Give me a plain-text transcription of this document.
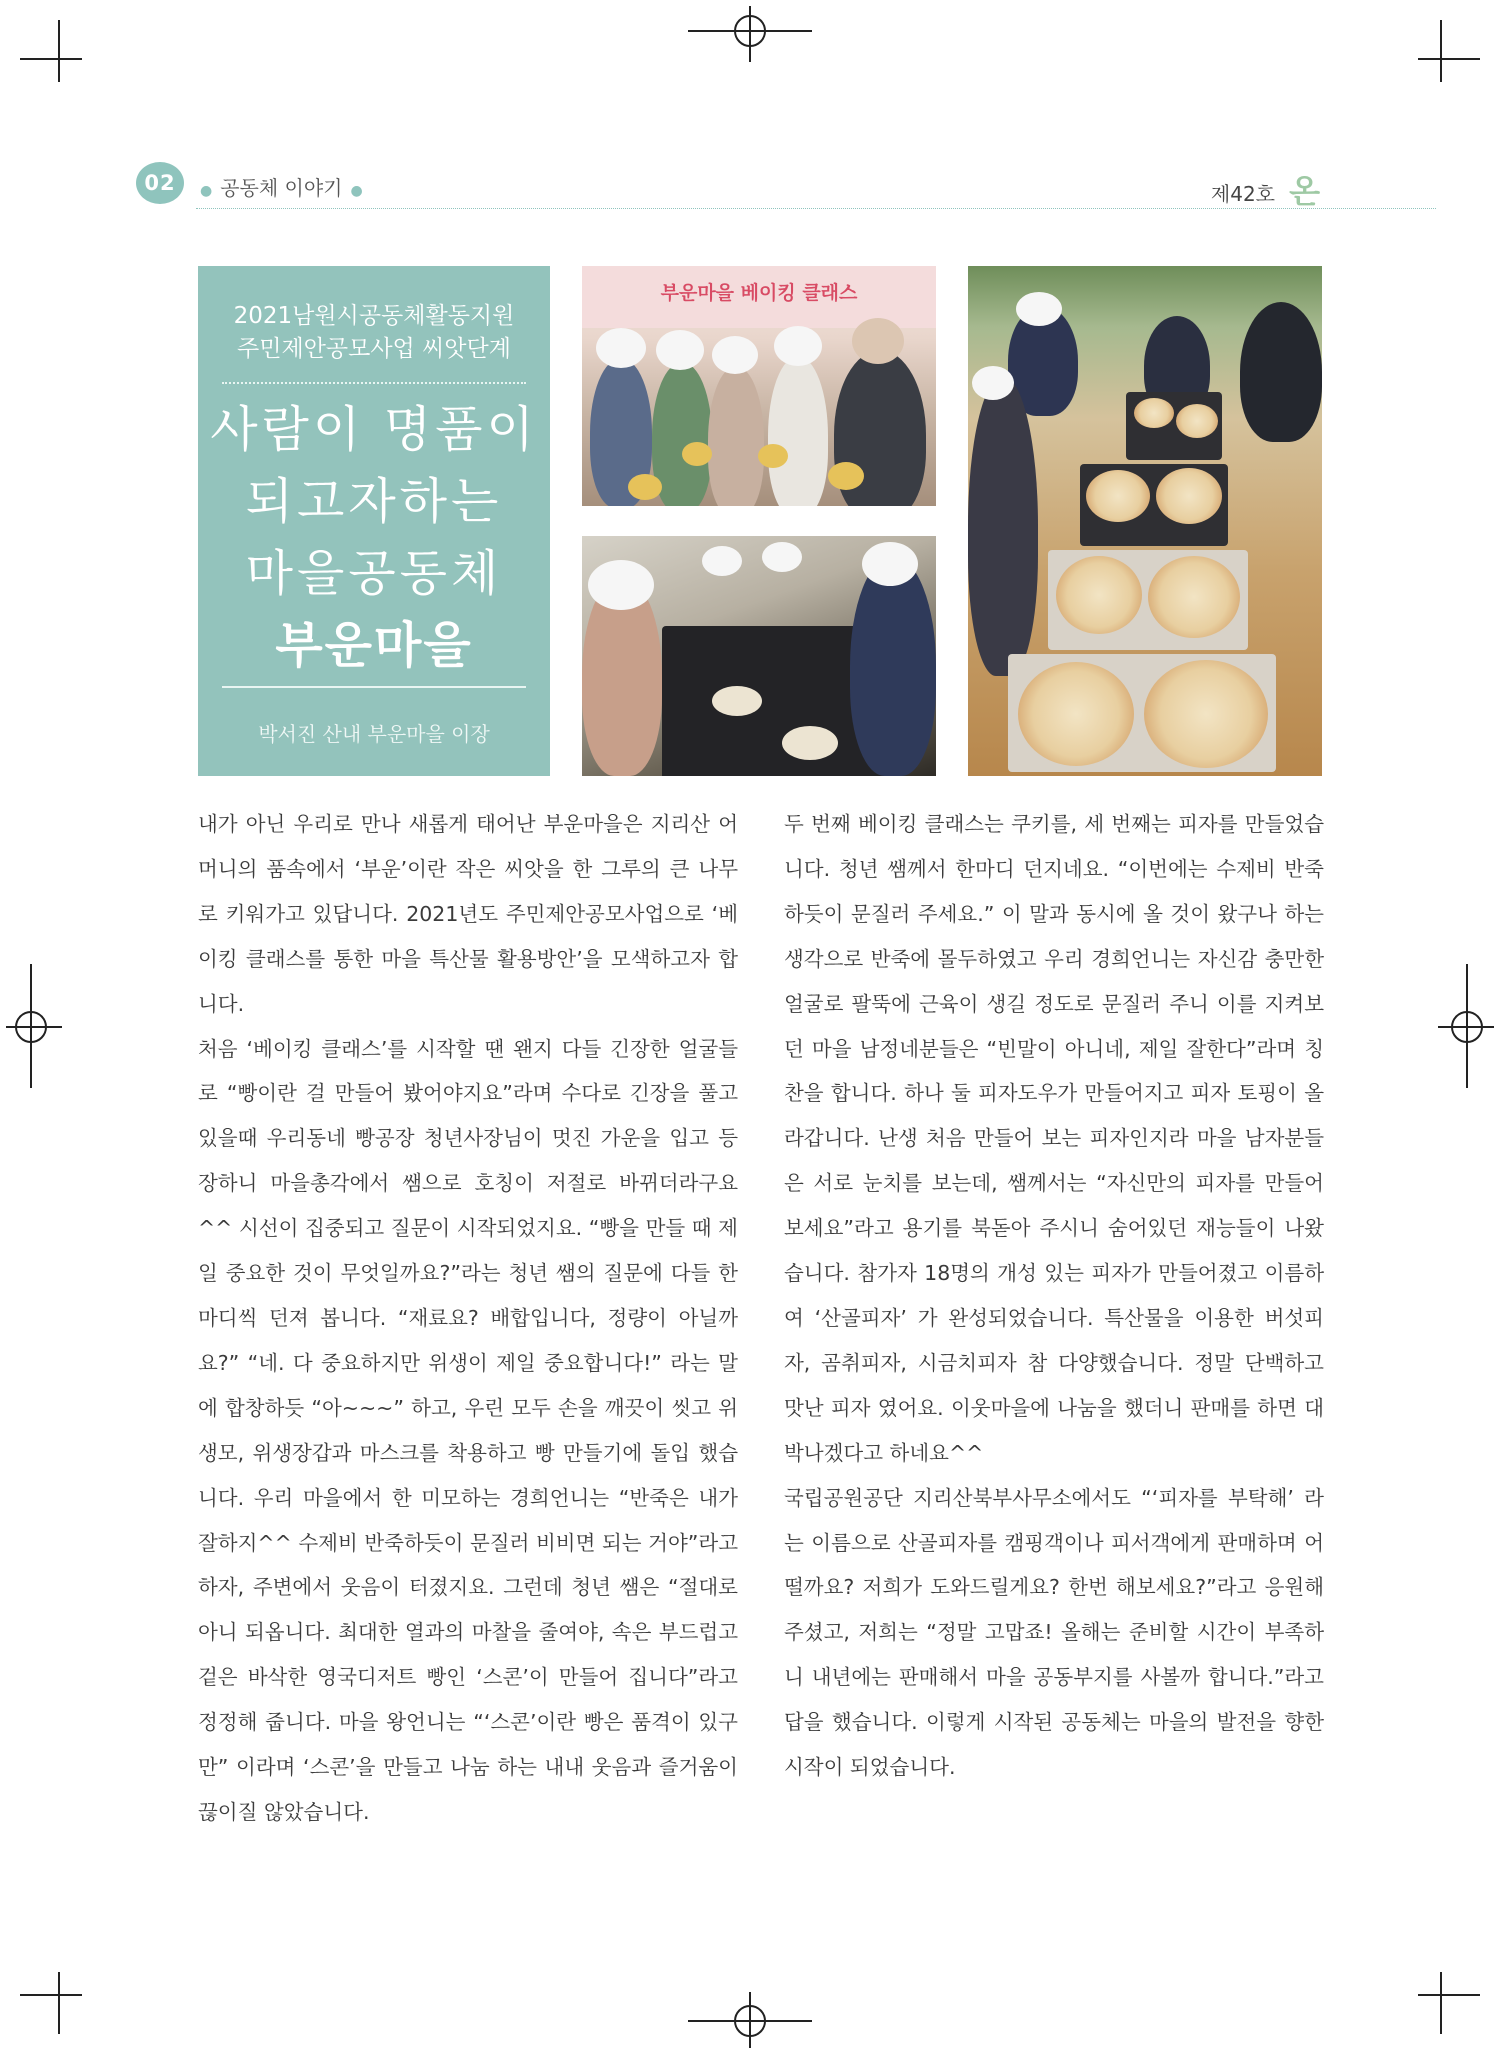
02	● 공동체 이야기 ●	제42호 온
2021남원시공동체활동지원
주민제안공모사업 씨앗단계
사람이 명품이
되고자하는
마을공동체
부운마을
박서진 산내 부운마을 이장
부운마을 베이킹 클래스

내가 아닌 우리로 만나 새롭게 태어난 부운마을은 지리산 어머니의 품속에서 ‘부운’이란 작은 씨앗을 한 그루의 큰 나무로 키워가고 있답니다. 2021년도 주민제안공모사업으로 ‘베이킹 클래스를 통한 마을 특산물 활용방안’을 모색하고자 합니다.

처음 ‘베이킹 클래스’를 시작할 땐 왠지 다들 긴장한 얼굴들로 “빵이란 걸 만들어 봤어야지요”라며 수다로 긴장을 풀고있을때 우리동네 빵공장 청년사장님이 멋진 가운을 입고 등장하니 마을총각에서 쌤으로 호칭이 저절로 바뀌더라구요^^ 시선이 집중되고 질문이 시작되었지요. “빵을 만들 때 제일 중요한 것이 무엇일까요?”라는 청년 쌤의 질문에 다들 한마디씩 던져 봅니다. “재료요? 배합입니다, 정량이 아닐까요?” “네. 다 중요하지만 위생이 제일 중요합니다!” 라는 말에 합창하듯 “아~~~” 하고, 우린 모두 손을 깨끗이 씻고 위생모, 위생장갑과 마스크를 착용하고 빵 만들기에 돌입 했습니다. 우리 마을에서 한 미모하는 경희언니는 “반죽은 내가 잘하지^^ 수제비 반죽하듯이 문질러 비비면 되는 거야”라고 하자, 주변에서 웃음이 터졌지요. 그런데 청년 쌤은 “절대로 아니 되옵니다. 최대한 열과의 마찰을 줄여야, 속은 부드럽고 겉은 바삭한 영국디저트 빵인 ‘스콘’이 만들어 집니다”라고 정정해 줍니다. 마을 왕언니는 “‘스콘’이란 빵은 품격이 있구만” 이라며 ‘스콘’을 만들고 나눔 하는 내내 웃음과 즐거움이 끊이질 않았습니다.

두 번째 베이킹 클래스는 쿠키를, 세 번째는 피자를 만들었습니다. 청년 쌤께서 한마디 던지네요. “이번에는 수제비 반죽 하듯이 문질러 주세요.” 이 말과 동시에 올 것이 왔구나 하는 생각으로 반죽에 몰두하였고 우리 경희언니는 자신감 충만한 얼굴로 팔뚝에 근육이 생길 정도로 문질러 주니 이를 지켜보던 마을 남정네분들은 “빈말이 아니네, 제일 잘한다”라며 칭찬을 합니다. 하나 둘 피자도우가 만들어지고 피자 토핑이 올라갑니다. 난생 처음 만들어 보는 피자인지라 마을 남자분들은 서로 눈치를 보는데, 쌤께서는 “자신만의 피자를 만들어 보세요”라고 용기를 북돋아 주시니 숨어있던 재능들이 나왔습니다. 참가자 18명의 개성 있는 피자가 만들어졌고 이름하여 ‘산골피자’ 가 완성되었습니다. 특산물을 이용한 버섯피자, 곰취피자, 시금치피자 참 다양했습니다. 정말 단백하고 맛난 피자 였어요. 이웃마을에 나눔을 했더니 판매를 하면 대박나겠다고 하네요^^

국립공원공단 지리산북부사무소에서도 “‘피자를 부탁해’ 라는 이름으로 산골피자를 캠핑객이나 피서객에게 판매하며 어떨까요? 저희가 도와드릴게요? 한번 해보세요?”라고 응원해 주셨고, 저희는 “정말 고맙죠! 올해는 준비할 시간이 부족하니 내년에는 판매해서 마을 공동부지를 사볼까 합니다.”라고 답을 했습니다. 이렇게 시작된 공동체는 마을의 발전을 향한 시작이 되었습니다.
